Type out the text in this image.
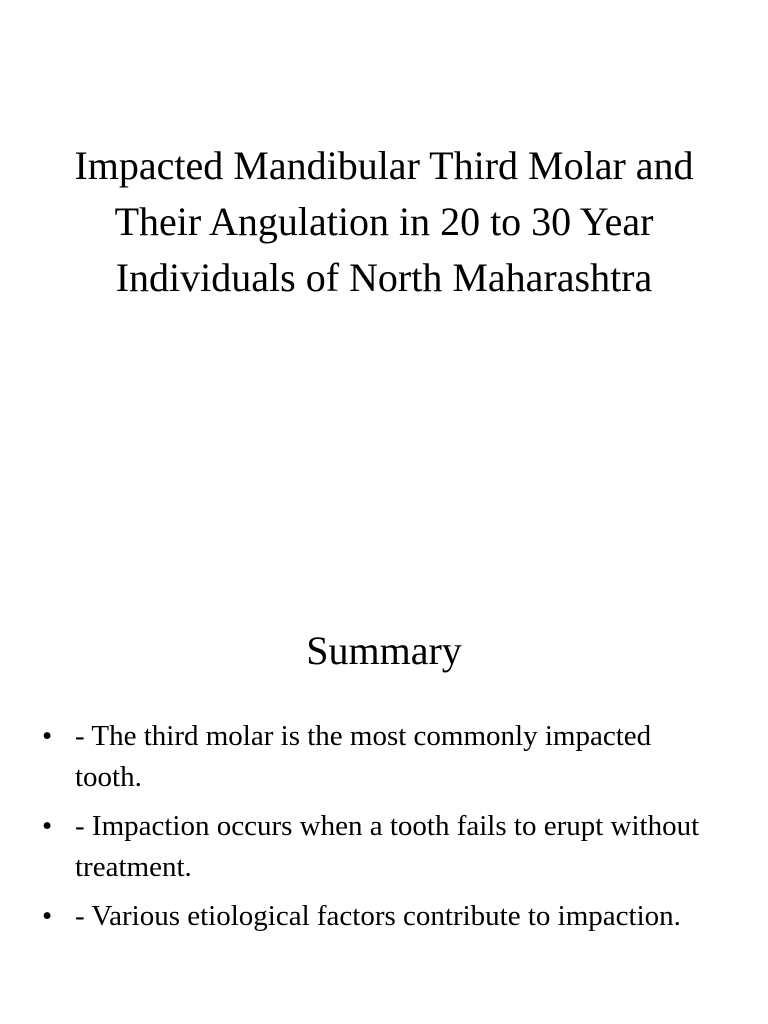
Impacted Mandibular Third Molar and Their Angulation in 20 to 30 Year Individuals of North Maharashtra
Summary
• - The third molar is the most commonly impacted tooth.
• - Impaction occurs when a tooth fails to erupt without treatment.
• - Various etiological factors contribute to impaction.
